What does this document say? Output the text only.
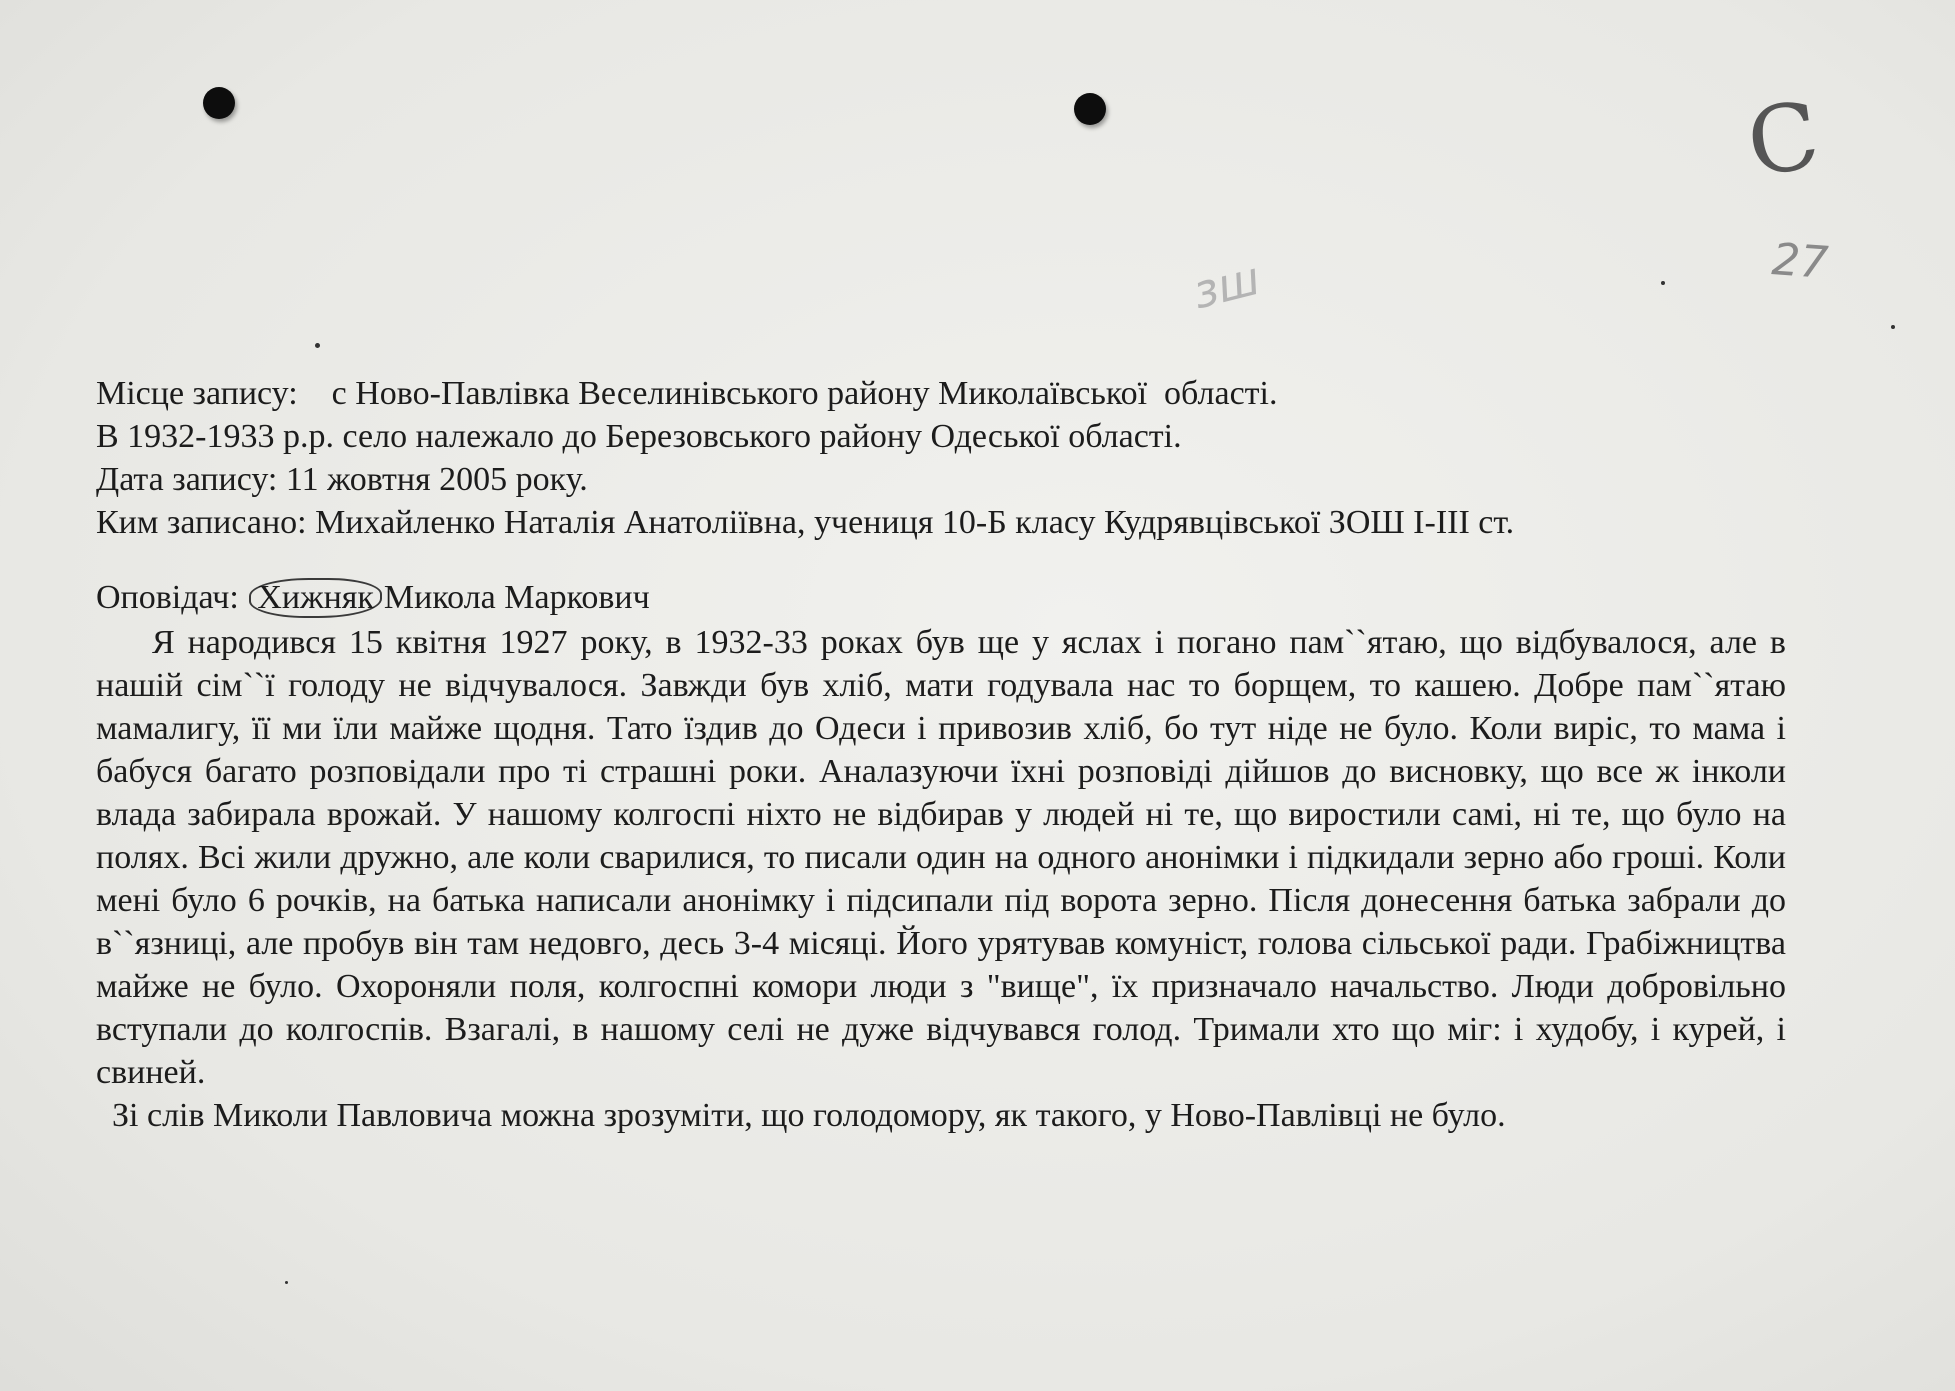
C
27
зш
Місце запису:    с Ново-Павлівка Веселинівського району Миколаївської  області.
В 1932-1933 р.р. село належало до Березовського району Одеської області.
Дата запису: 11 жовтня 2005 року.
Ким записано: Михайленко Наталія Анатоліївна, учениця 10-Б класу Кудрявцівської ЗОШ І-ІІІ ст.
Оповідач: Хижняк Микола Маркович
Я народився 15 квітня 1927 року, в 1932-33 роках був ще у яслах і погано пам``ятаю, що відбувалося, але в нашій сім``ї голоду не відчувалося. Завжди був хліб, мати годувала нас то борщем, то кашею. Добре пам``ятаю мамалигу, її ми їли майже щодня. Тато їздив до Одеси і привозив хліб, бо тут ніде не було. Коли виріс, то мама і бабуся багато розповідали про ті страшні роки. Аналазуючи їхні розповіді дійшов до висновку, що все ж інколи влада забирала врожай. У нашому колгоспі ніхто не відбирав у людей ні те, що виростили самі, ні те, що було на полях. Всі жили дружно, але коли сварилися, то писали один на одного анонімки і підкидали зерно або гроші. Коли мені було 6 рочків, на батька написали анонімку і підсипали під ворота зерно. Після донесення батька забрали до в``язниці, але пробув він там недовго, десь 3-4 місяці. Його урятував комуніст, голова сільської ради. Грабіжництва майже не було. Охороняли поля, колгоспні комори люди з "вище", їх призначало начальство. Люди добровільно вступали до колгоспів. Взагалі, в нашому селі не дуже відчувався голод. Тримали хто що міг: і худобу, і курей, і свиней.
Зі слів Миколи Павловича можна зрозуміти, що голодомору, як такого, у Ново-Павлівці не було.
